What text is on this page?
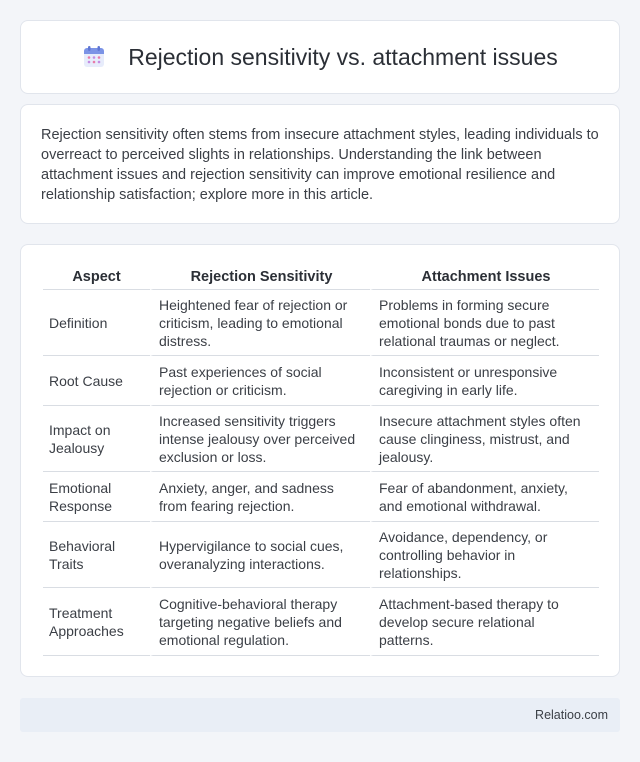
Rejection sensitivity vs. attachment issues

Rejection sensitivity often stems from insecure attachment styles, leading individuals to overreact to perceived slights in relationships. Understanding the link between attachment issues and rejection sensitivity can improve emotional resilience and relationship satisfaction; explore more in this article.

Aspect	Rejection Sensitivity	Attachment Issues
Definition	Heightened fear of rejection or criticism, leading to emotional distress.	Problems in forming secure emotional bonds due to past relational traumas or neglect.
Root Cause	Past experiences of social rejection or criticism.	Inconsistent or unresponsive caregiving in early life.
Impact on Jealousy	Increased sensitivity triggers intense jealousy over perceived exclusion or loss.	Insecure attachment styles often cause clinginess, mistrust, and jealousy.
Emotional Response	Anxiety, anger, and sadness from fearing rejection.	Fear of abandonment, anxiety, and emotional withdrawal.
Behavioral Traits	Hypervigilance to social cues, overanalyzing interactions.	Avoidance, dependency, or controlling behavior in relationships.
Treatment Approaches	Cognitive-behavioral therapy targeting negative beliefs and emotional regulation.	Attachment-based therapy to develop secure relational patterns.
Relatioo.com
